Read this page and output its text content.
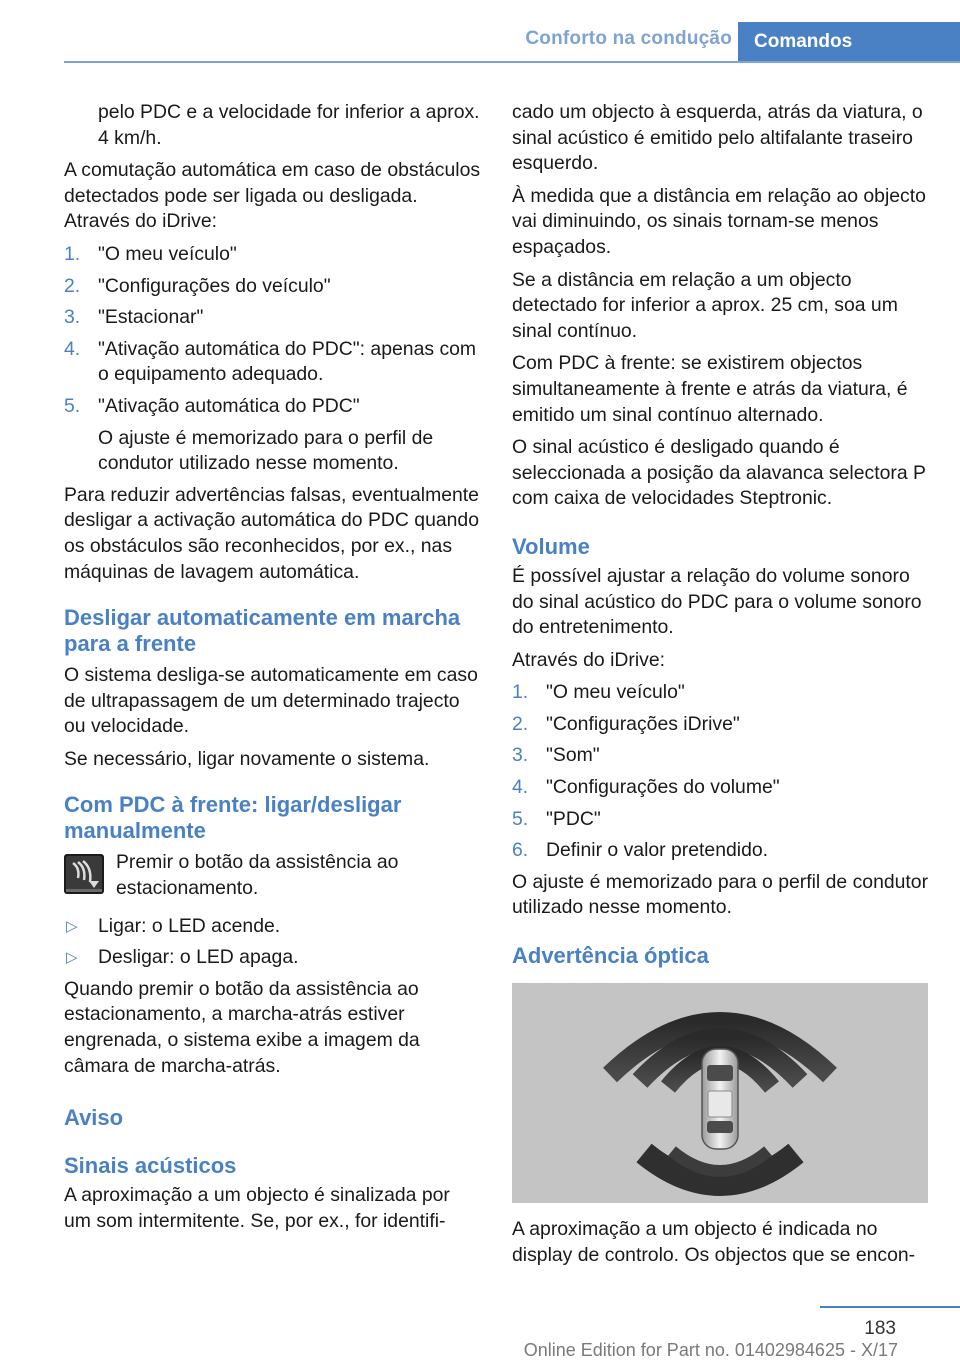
Conforto na condução	Comandos

pelo PDC e a velocidade for inferior a aprox. 4 km/h.

A comutação automática em caso de obstáculos detectados pode ser ligada ou desligada. Através do iDrive:

1. "O meu veículo"
2. "Configurações do veículo"
3. "Estacionar"
4. "Ativação automática do PDC": apenas com o equipamento adequado.
5. "Ativação automática do PDC"
O ajuste é memorizado para o perfil de condutor utilizado nesse momento.

Para reduzir advertências falsas, eventualmente desligar a activação automática do PDC quando os obstáculos são reconhecidos, por ex., nas máquinas de lavagem automática.

Desligar automaticamente em marcha para a frente

O sistema desliga-se automaticamente em caso de ultrapassagem de um determinado trajecto ou velocidade.

Se necessário, ligar novamente o sistema.

Com PDC à frente: ligar/desligar manualmente
Premir o botão da assistência ao estacionamento.
▷ Ligar: o LED acende.
▷ Desligar: o LED apaga.

Quando premir o botão da assistência ao estacionamento, a marcha-atrás estiver engrenada, o sistema exibe a imagem da câmara de marcha-atrás.

Aviso
Sinais acústicos

A aproximação a um objecto é sinalizada por um som intermitente. Se, por ex., for identifi-

cado um objecto à esquerda, atrás da viatura, o sinal acústico é emitido pelo altifalante traseiro esquerdo.

À medida que a distância em relação ao objecto vai diminuindo, os sinais tornam-se menos espaçados.

Se a distância em relação a um objecto detectado for inferior a aprox. 25 cm, soa um sinal contínuo.

Com PDC à frente: se existirem objectos simultaneamente à frente e atrás da viatura, é emitido um sinal contínuo alternado.

O sinal acústico é desligado quando é seleccionada a posição da alavanca selectora P com caixa de velocidades Steptronic.

Volume

É possível ajustar a relação do volume sonoro do sinal acústico do PDC para o volume sonoro do entretenimento.

Através do iDrive:

1. "O meu veículo"
2. "Configurações iDrive"
3. "Som"
4. "Configurações do volume"
5. "PDC"
6. Definir o valor pretendido.

O ajuste é memorizado para o perfil de condutor utilizado nesse momento.

Advertência óptica

A aproximação a um objecto é indicada no display de controlo. Os objectos que se encon-

183
Online Edition for Part no. 01402984625 - X/17
